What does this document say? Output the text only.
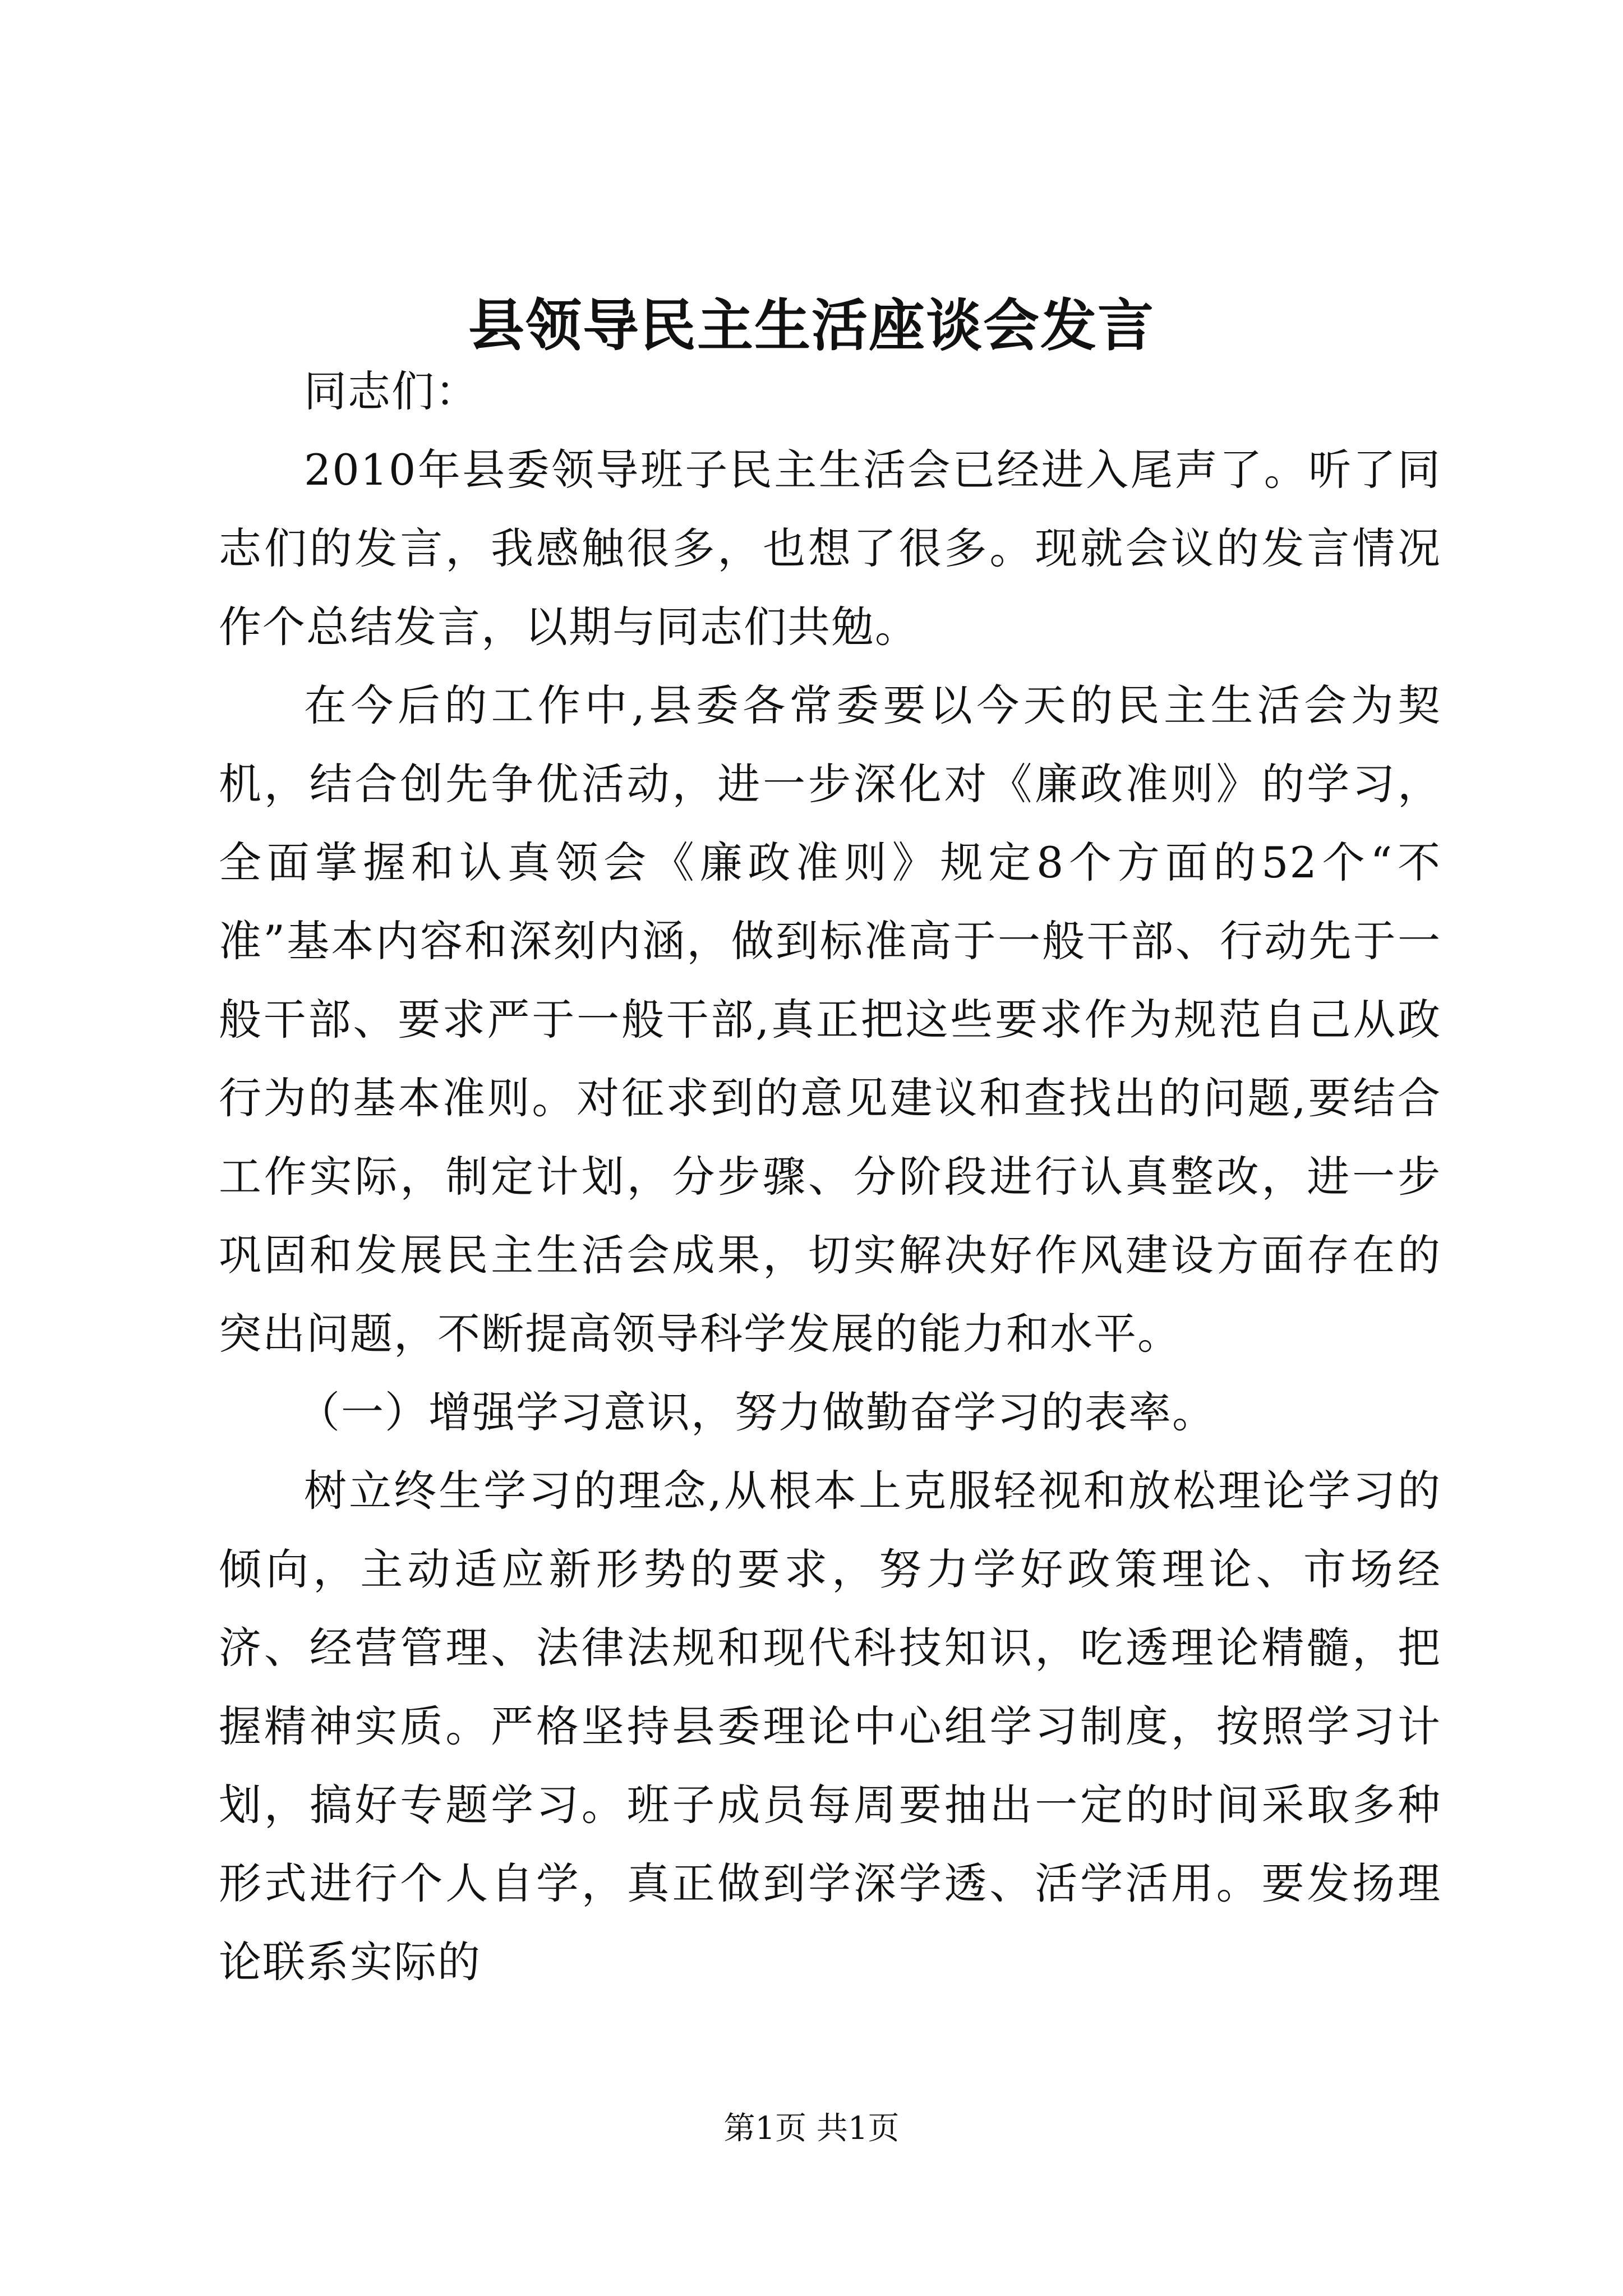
县领导民主生活座谈会发言

同志们：

2010年县委领导班子民主生活会已经进入尾声了。听了同志们的发言，我感触很多，也想了很多。现就会议的发言情况作个总结发言，以期与同志们共勉。

在今后的工作中,县委各常委要以今天的民主生活会为契机，结合创先争优活动，进一步深化对《廉政准则》的学习，全面掌握和认真领会《廉政准则》规定8个方面的52个“不准”基本内容和深刻内涵，做到标准高于一般干部、行动先于一般干部、要求严于一般干部,真正把这些要求作为规范自己从政行为的基本准则。对征求到的意见建议和查找出的问题,要结合工作实际，制定计划，分步骤、分阶段进行认真整改，进一步巩固和发展民主生活会成果，切实解决好作风建设方面存在的突出问题，不断提高领导科学发展的能力和水平。

（一）增强学习意识，努力做勤奋学习的表率。

树立终生学习的理念,从根本上克服轻视和放松理论学习的倾向，主动适应新形势的要求，努力学好政策理论、市场经济、经营管理、法律法规和现代科技知识，吃透理论精髓，把握精神实质。严格坚持县委理论中心组学习制度，按照学习计划，搞好专题学习。班子成员每周要抽出一定的时间采取多种形式进行个人自学，真正做到学深学透、活学活用。要发扬理论联系实际的

第1页 共1页
